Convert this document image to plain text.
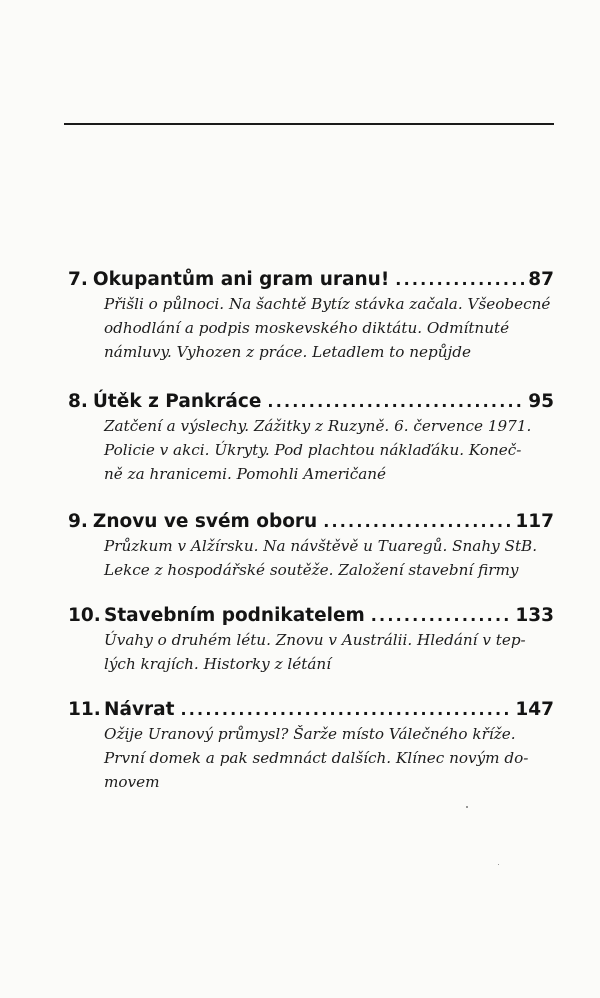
7. Okupantům ani gram uranu! .....	87
Přišli o půlnoci. Na šachtě Bytíz stávka začala. Všeobecné
odhodlání a podpis moskevského diktátu. Odmítnuté
námluvy. Vyhozen z práce. Letadlem to nepůjde
8. Útěk z Pankráce .....	95
Zatčení a výslechy. Zážitky z Ruzyně. 6. července 1971.
Policie v akci. Úkryty. Pod plachtou náklaďáku. Koneč-
ně za hranicemi. Pomohli Američané
9. Znovu ve svém oboru .....	117
Průzkum v Alžírsku. Na návštěvě u Tuaregů. Snahy StB.
Lekce z hospodářské soutěže. Založení stavební firmy
10. Stavebním podnikatelem .....	133
Úvahy o druhém létu. Znovu v Austrálii. Hledání v tep-
lých krajích. Historky z létání
11. Návrat .....	147
Ožije Uranový průmysl? Šarže místo Válečného kříže.
První domek a pak sedmnáct dalších. Klínec novým do-
movem
